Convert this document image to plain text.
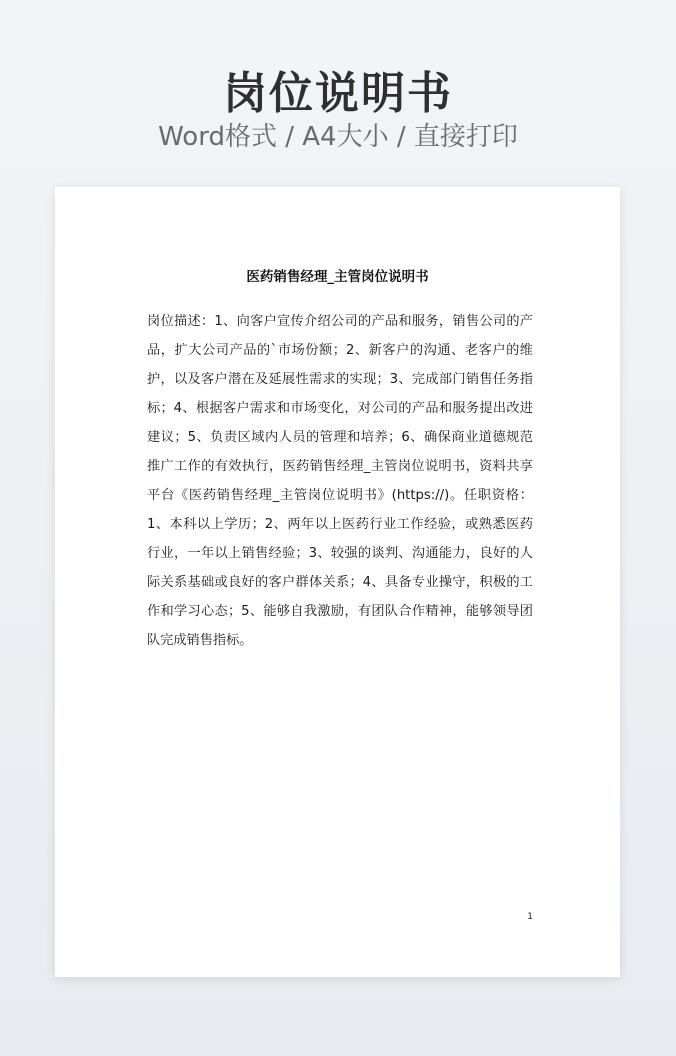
岗位说明书
Word格式 / A4大小 / 直接打印
医药销售经理_主管岗位说明书
岗位描述：1、向客户宣传介绍公司的产品和服务，销售公司的产品，扩大公司产品的`市场份额；2、新客户的沟通、老客户的维护，以及客户潜在及延展性需求的实现；3、完成部门销售任务指标；4、根据客户需求和市场变化，对公司的产品和服务提出改进建议；5、负责区域内人员的管理和培养；6、确保商业道德规范推广工作的有效执行，医药销售经理_主管岗位说明书，资料共享平台《医药销售经理_主管岗位说明书》(https://)。任职资格：1、本科以上学历；2、两年以上医药行业工作经验，或熟悉医药行业，一年以上销售经验；3、较强的谈判、沟通能力，良好的人际关系基础或良好的客户群体关系；4、具备专业操守，积极的工作和学习心态；5、能够自我激励，有团队合作精神，能够领导团队完成销售指标。
1
